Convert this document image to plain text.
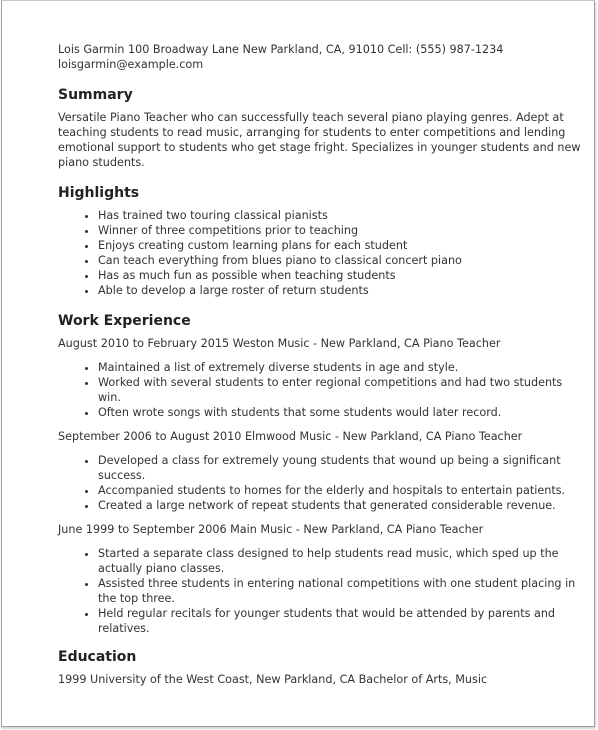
Lois Garmin 100 Broadway Lane New Parkland, CA, 91010 Cell: (555) 987-1234

loisgarmin@example.com

Summary

Versatile Piano Teacher who can successfully teach several piano playing genres. Adept at teaching students to read music, arranging for students to enter competitions and lending emotional support to students who get stage fright. Specializes in younger students and new piano students.

Highlights
• Has trained two touring classical pianists
• Winner of three competitions prior to teaching
• Enjoys creating custom learning plans for each student
• Can teach everything from blues piano to classical concert piano
• Has as much fun as possible when teaching students
• Able to develop a large roster of return students
Work Experience

August 2010 to February 2015 Weston Music - New Parkland, CA Piano Teacher

• Maintained a list of extremely diverse students in age and style.
• Worked with several students to enter regional competitions and had two students win.
• Often wrote songs with students that some students would later record.

September 2006 to August 2010 Elmwood Music - New Parkland, CA Piano Teacher

• Developed a class for extremely young students that wound up being a significant success.
• Accompanied students to homes for the elderly and hospitals to entertain patients.
• Created a large network of repeat students that generated considerable revenue.

June 1999 to September 2006 Main Music - New Parkland, CA Piano Teacher

• Started a separate class designed to help students read music, which sped up the actually piano classes.
• Assisted three students in entering national competitions with one student placing in the top three.
• Held regular recitals for younger students that would be attended by parents and relatives.
Education

1999 University of the West Coast, New Parkland, CA Bachelor of Arts, Music
